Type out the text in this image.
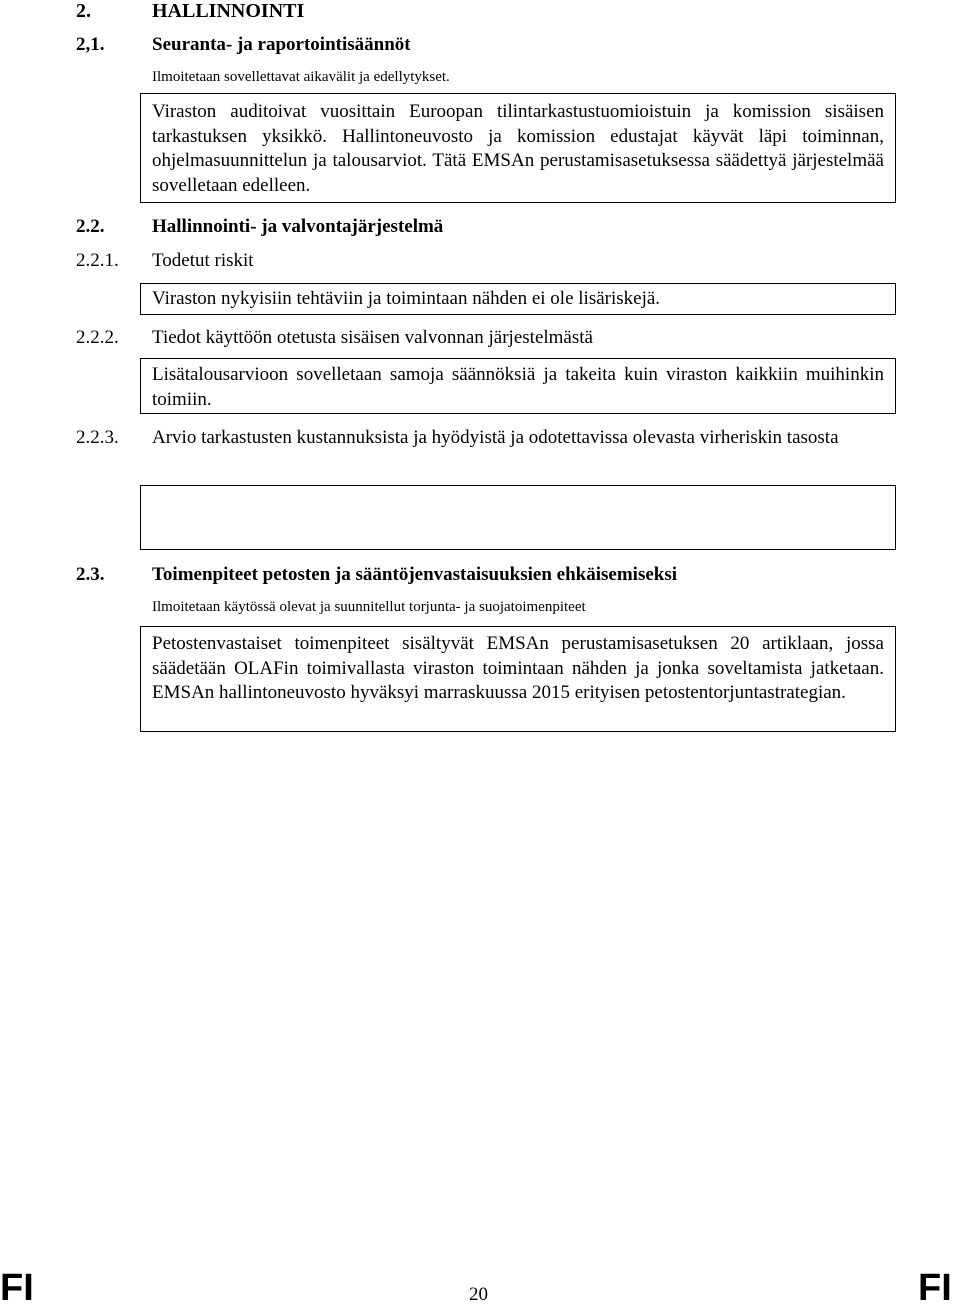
2.	HALLINNOINTI
2,1.	Seuranta- ja raportointisäännöt
Ilmoitetaan sovellettavat aikavälit ja edellytykset.
Viraston auditoivat vuosittain Euroopan tilintarkastustuomioistuin ja komission sisäisen tarkastuksen yksikkö. Hallintoneuvosto ja komission edustajat käyvät läpi toiminnan, ohjelmasuunnittelun ja talousarviot. Tätä EMSAn perustamisasetuksessa säädettyä järjestelmää sovelletaan edelleen.
2.2.	Hallinnointi- ja valvontajärjestelmä
2.2.1. Todetut riskit
Viraston nykyisiin tehtäviin ja toimintaan nähden ei ole lisäriskejä.
2.2.2. Tiedot käyttöön otetusta sisäisen valvonnan järjestelmästä
Lisätalousarvioon sovelletaan samoja säännöksiä ja takeita kuin viraston kaikkiin muihinkin toimiin.
2.2.3. Arvio tarkastusten kustannuksista ja hyödyistä ja odotettavissa olevasta virheriskin tasosta
2.3.	Toimenpiteet petosten ja sääntöjenvastaisuuksien ehkäisemiseksi
Ilmoitetaan käytössä olevat ja suunnitellut torjunta- ja suojatoimenpiteet
Petostenvastaiset toimenpiteet sisältyvät EMSAn perustamisasetuksen 20 artiklaan, jossa säädetään OLAFin toimivallasta viraston toimintaan nähden ja jonka soveltamista jatketaan. EMSAn hallintoneuvosto hyväksyi marraskuussa 2015 erityisen petostentorjuntastrategian.
FI	20	FI
